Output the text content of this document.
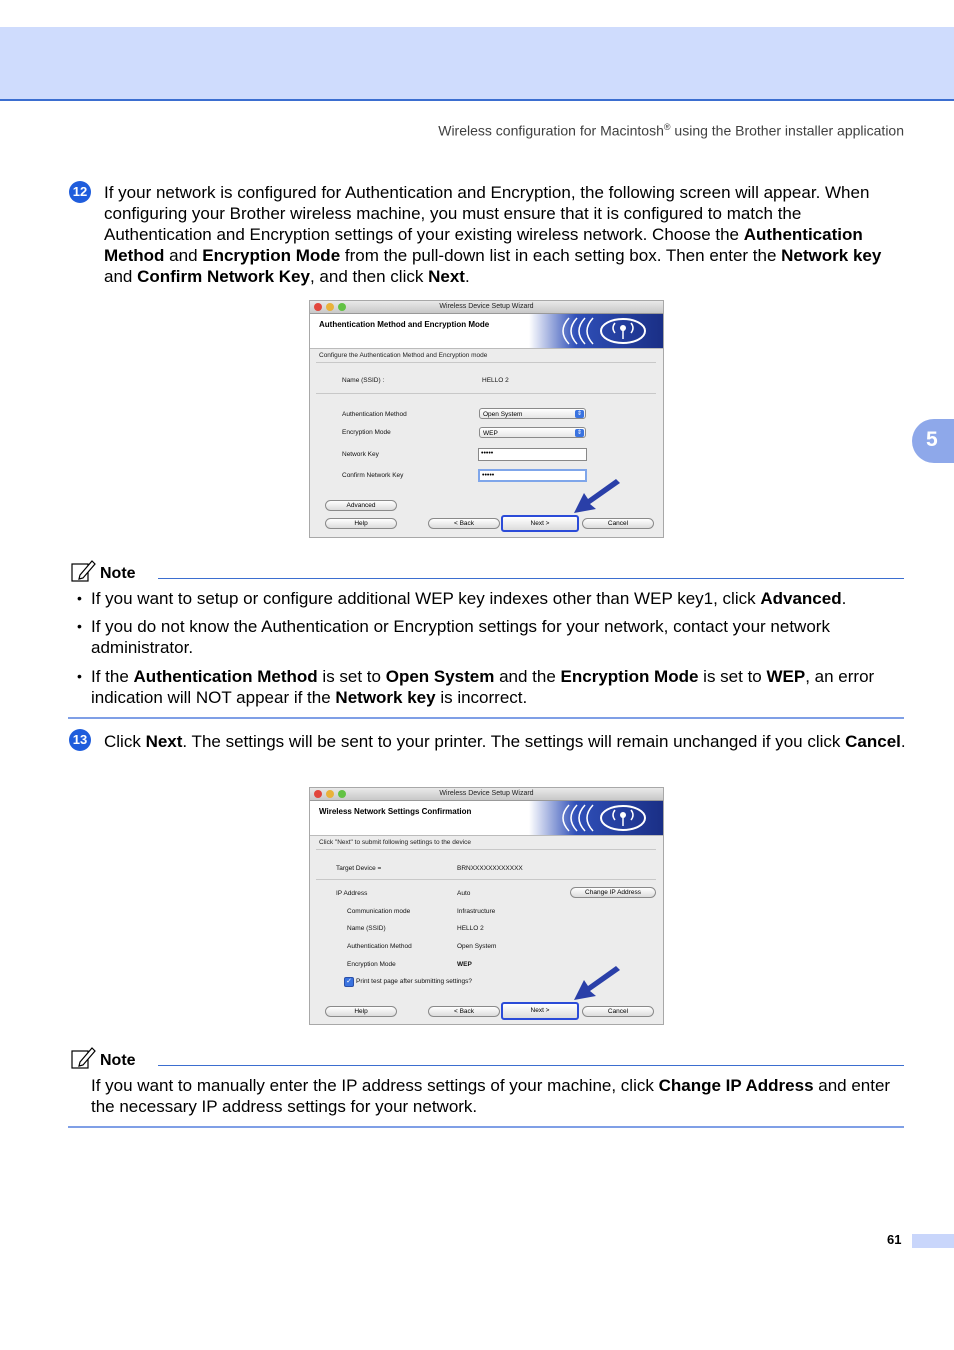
Wireless configuration for Macintosh® using the Brother installer application
5
12 If your network is configured for Authentication and Encryption, the following screen will appear. When configuring your Brother wireless machine, you must ensure that it is configured to match the Authentication and Encryption settings of your existing wireless network. Choose the Authentication Method and Encryption Mode from the pull-down list in each setting box. Then enter the Network key and Confirm Network Key, and then click Next.
Wireless Device Setup Wizard
Authentication Method and Encryption Mode
Configure the Authentication Method and Encryption mode
Name (SSID) :	HELLO 2
Authentication Method	Open System	⇕
Encryption Mode	WEP	⇕
Network Key	•••••
Confirm Network Key	•••••
Advanced
Help	< Back	Next >	Cancel
Note
• If you want to setup or configure additional WEP key indexes other than WEP key1, click Advanced.
• If you do not know the Authentication or Encryption settings for your network, contact your network administrator.
• If the Authentication Method is set to Open System and the Encryption Mode is set to WEP, an error indication will NOT appear if the Network key is incorrect.
13 Click Next. The settings will be sent to your printer. The settings will remain unchanged if you click Cancel.
Wireless Device Setup Wizard
Wireless Network Settings Confirmation
Click "Next" to submit following settings to the device
Target Device =	BRNXXXXXXXXXXXX
IP Address	Auto	Change IP Address
Communication mode	Infrastructure
Name (SSID)	HELLO 2
Authentication Method	Open System
Encryption Mode	WEP
✓ Print test page after submitting settings?
Help	< Back	Next >	Cancel
Note
If you want to manually enter the IP address settings of your machine, click Change IP Address and enter the necessary IP address settings for your network.
61
